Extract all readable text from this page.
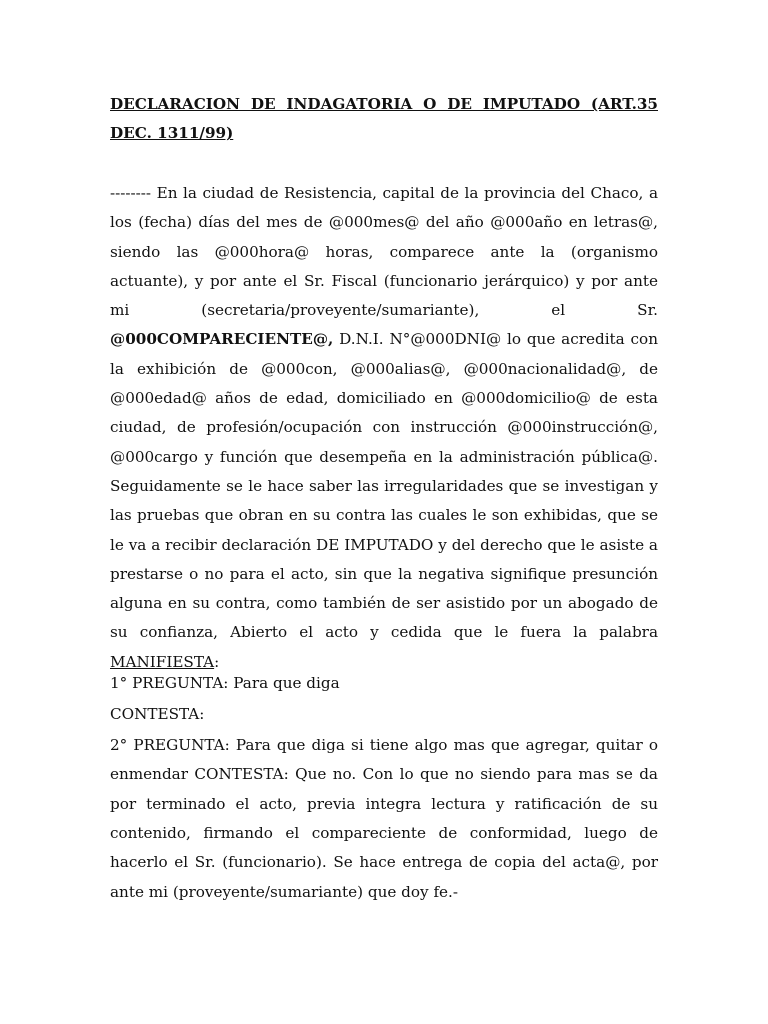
DECLARACION DE INDAGATORIA O DE IMPUTADO (ART.35 DEC. 1311/99)

-------- En la ciudad de Resistencia, capital de la provincia del Chaco, a los (fecha) días del mes de @000mes@ del año @000año en letras@, siendo las @000hora@ horas, comparece ante la (organismo actuante), y por ante el Sr. Fiscal (funcionario jerárquico) y por ante mi (secretaria/proveyente/sumariante), el Sr. @000COMPARECIENTE@, D.N.I. N°@000DNI@ lo que acredita con la exhibición de @000con, @000alias@, @000nacionalidad@, de @000edad@ años de edad, domiciliado en @000domicilio@ de esta ciudad, de profesión/ocupación con instrucción @000instrucción@, @000cargo y función que desempeña en la administración pública@. Seguidamente se le hace saber las irregularidades que se investigan y las pruebas que obran en su contra las cuales le son exhibidas, que se le va a recibir declaración DE IMPUTADO y del derecho que le asiste a prestarse o no para el acto, sin que la negativa signifique presunción alguna en su contra, como también de ser asistido por un abogado de su confianza, Abierto el acto y cedida que le fuera la palabra MANIFIESTA:

1° PREGUNTA: Para que diga

CONTESTA:

2° PREGUNTA: Para que diga si tiene algo mas que agregar, quitar o enmendar CONTESTA: Que no. Con lo que no siendo para mas se da por terminado el acto, previa integra lectura y ratificación de su contenido, firmando el compareciente de conformidad, luego de hacerlo el Sr. (funcionario). Se hace entrega de copia del acta@, por ante mi (proveyente/sumariante) que doy fe.-
